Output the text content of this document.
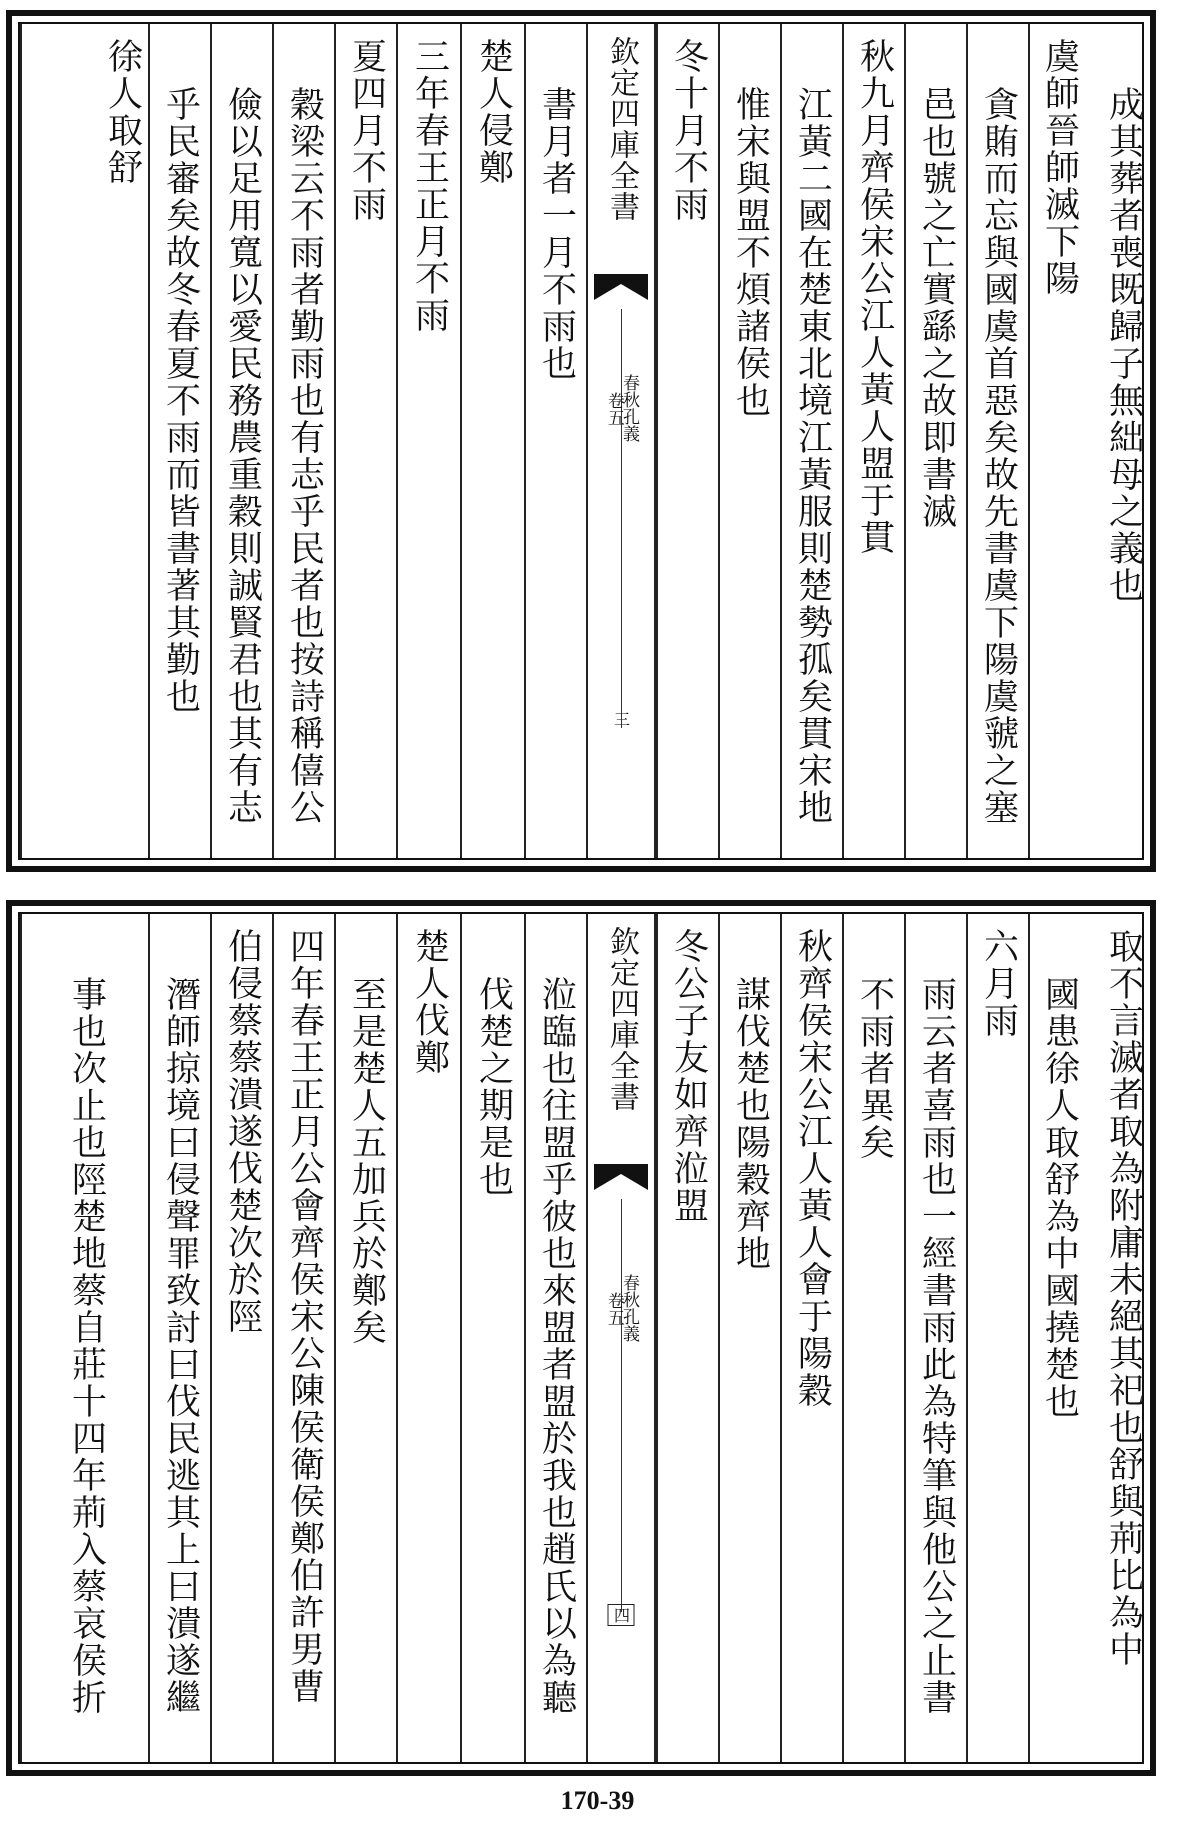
成其葬者喪既歸子無絀母之義也
虞師晉師滅下陽
貪賄而忘與國虞首惡矣故先書虞下陽虞虢之塞
邑也號之亡實繇之故即書滅
秋九月齊侯宋公江人黃人盟于貫
江黃二國在楚東北境江黃服則楚勢孤矣貫宋地
惟宋與盟不煩諸侯也
冬十月不雨
欽定四庫全書
春秋孔義
卷五
三
書月者一月不雨也
楚人侵鄭
三年春王正月不雨
夏四月不雨
穀梁云不雨者勤雨也有志乎民者也按詩稱僖公
儉以足用寬以愛民務農重穀則誠賢君也其有志
乎民審矣故冬春夏不雨而皆書著其勤也
徐人取舒
取不言滅者取為附庸未絕其祀也舒與荊比為中
國患徐人取舒為中國撓楚也
六月雨
雨云者喜雨也一經書雨此為特筆與他公之止書
不雨者異矣
秋齊侯宋公江人黃人會于陽穀
謀伐楚也陽穀齊地
冬公子友如齊涖盟
欽定四庫全書
春秋孔義
卷五
四
涖臨也往盟乎彼也來盟者盟於我也趙氏以為聽
伐楚之期是也
楚人伐鄭
至是楚人五加兵於鄭矣
四年春王正月公會齊侯宋公陳侯衛侯鄭伯許男曹
伯侵蔡蔡潰遂伐楚次於陘
潛師掠境曰侵聲罪致討曰伐民逃其上曰潰遂繼
事也次止也陘楚地蔡自莊十四年荊入蔡哀侯折
170-39
